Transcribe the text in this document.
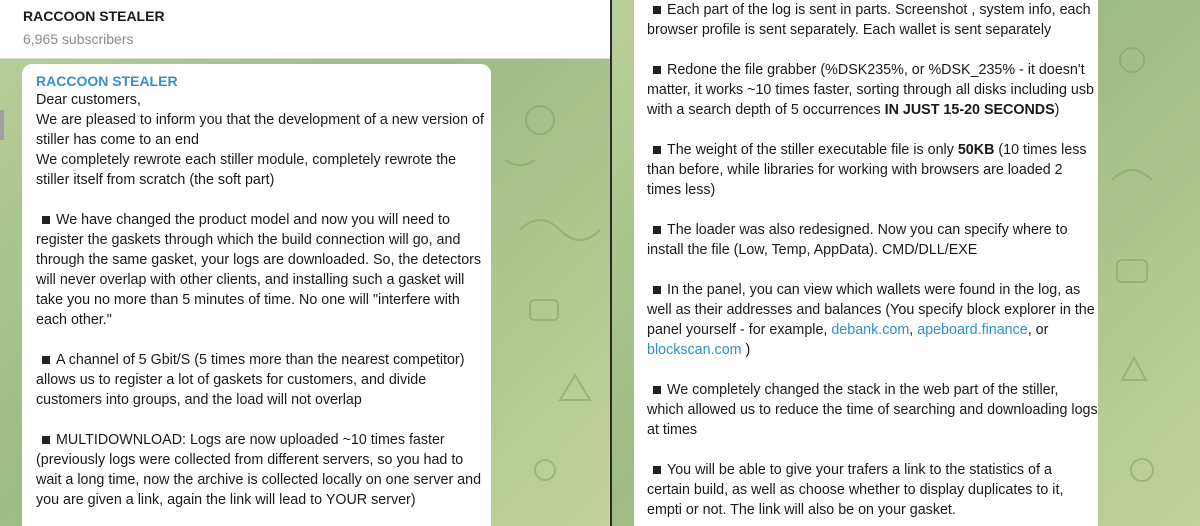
RACCOON STEALER
6,965 subscribers
RACCOON STEALER
Dear customers,
We are pleased to inform you that the development of a new version of stiller has come to an end
We completely rewrote each stiller module, completely rewrote the stiller itself from scratch (the soft part)
We have changed the product model and now you will need to register the gaskets through which the build connection will go, and through the same gasket, your logs are downloaded. So, the detectors will never overlap with other clients, and installing such a gasket will take you no more than 5 minutes of time. No one will "interfere with each other."
A channel of 5 Gbit/S (5 times more than the nearest competitor) allows us to register a lot of gaskets for customers, and divide customers into groups, and the load will not overlap
MULTIDOWNLOAD: Logs are now uploaded ~10 times faster (previously logs were collected from different servers, so you had to wait a long time, now the archive is collected locally on one server and you are given a link, again the link will lead to YOUR server)
Each part of the log is sent in parts. Screenshot , system info, each browser profile is sent separately. Each wallet is sent separately
Redone the file grabber (%DSK235%, or %DSK_235% - it doesn't matter, it works ~10 times faster, sorting through all disks including usb with a search depth of 5 occurrences IN JUST 15-20 SECONDS)
The weight of the stiller executable file is only 50KB (10 times less than before, while libraries for working with browsers are loaded 2 times less)
The loader was also redesigned. Now you can specify where to install the file (Low, Temp, AppData). CMD/DLL/EXE
In the panel, you can view which wallets were found in the log, as well as their addresses and balances (You specify block explorer in the panel yourself - for example, debank.com, apeboard.finance, or blockscan.com )
We completely changed the stack in the web part of the stiller, which allowed us to reduce the time of searching and downloading logs at times
You will be able to give your trafers a link to the statistics of a certain build, as well as choose whether to display duplicates to it, empti or not. The link will also be on your gasket.
